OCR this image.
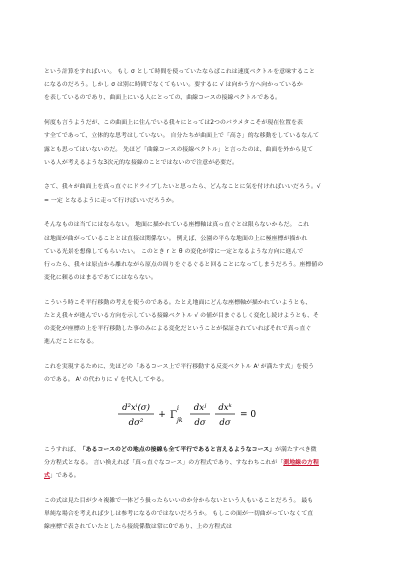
という計算をすればいい。 もし σ として時間を使っていたならばこれは速度ベクトルを意味すること
になるのだろう。しかし σ は別に時間でなくてもいい。要するに √ は向かう方へ向かっているか
を表しているのであり、曲面上にいる人にとっての、曲線コースの接線ベクトルである。

何度も言うようだが、この曲面上に住んでいる我々にとっては2つのパラメタこそが現在位置を表
す全てであって、立体的な思考はしていない。 自分たちが曲面上で「高さ」的な移動をしているなんて
露とも思ってはいないのだ。 先ほど「曲線コースの接線ベクトル」と言ったのは、曲面を外から見て
いる人が考えるような3次元的な接線のことではないので注意が必要だ。

さて、我々が曲面上を真っ直ぐにドライブしたいと思ったら、どんなことに気を付ければいいだろう。√
= 一定 となるように走って行けばいいだろうか。

そんなものは当てにはならない。 地面に描かれている座標軸は真っ直ぐとは限らないからだ。 これ
は地面が曲がっていることとは直接は関係ない。 例えば、公園の平らな地面の上に極座標が描かれ
ている光景を想像してもらいたい。 このとき r と θ の変化が常に一定となるような方向に進んで
行ったら、我々は原点から離れながら原点の周りをぐるぐると回ることになってしまうだろう。座標値の
変化に頼るのはまるであてにはならない。

こういう時こそ平行移動の考えを使うのである。たとえ地面にどんな座標軸が描かれていようとも、
たとえ我々が進んでいる方向を示している接線ベクトル √ の値が目まぐるしく変化し続けようとも、そ
の変化が座標の上を平行移動した事のみによる変化だということが保証されていればそれで真っ直ぐ
進んだことになる。

これを実現するために、先ほどの「あるコース上で平行移動する反変ベクトル Aⁱ が満たす式」を使う
のである。 Aⁱ の代わりに √ を代入してやる。

d²xⁱ(σ)
dσ²
+ Γ
i
jk
dxʲ
dσ
dxᵏ
dσ
= 0

こうすれば、「あるコースのどの地点の接線も全て平行であると言えるようなコース」が満たすべき微
分方程式となる。 言い換えれば「真っ直ぐなコース」の方程式であり、すなわちこれが「測地線の方程
式」である。

この式は見た目が少々複雑で一体どう扱ったらいいのか分からないという人もいることだろう。 最も
単純な場合を考えれば少しは参考になるのではないだろうか。 もしこの面が一切曲がっていなくて直
線座標で表されていたとしたら接続係数は常に0であり、上の方程式は
